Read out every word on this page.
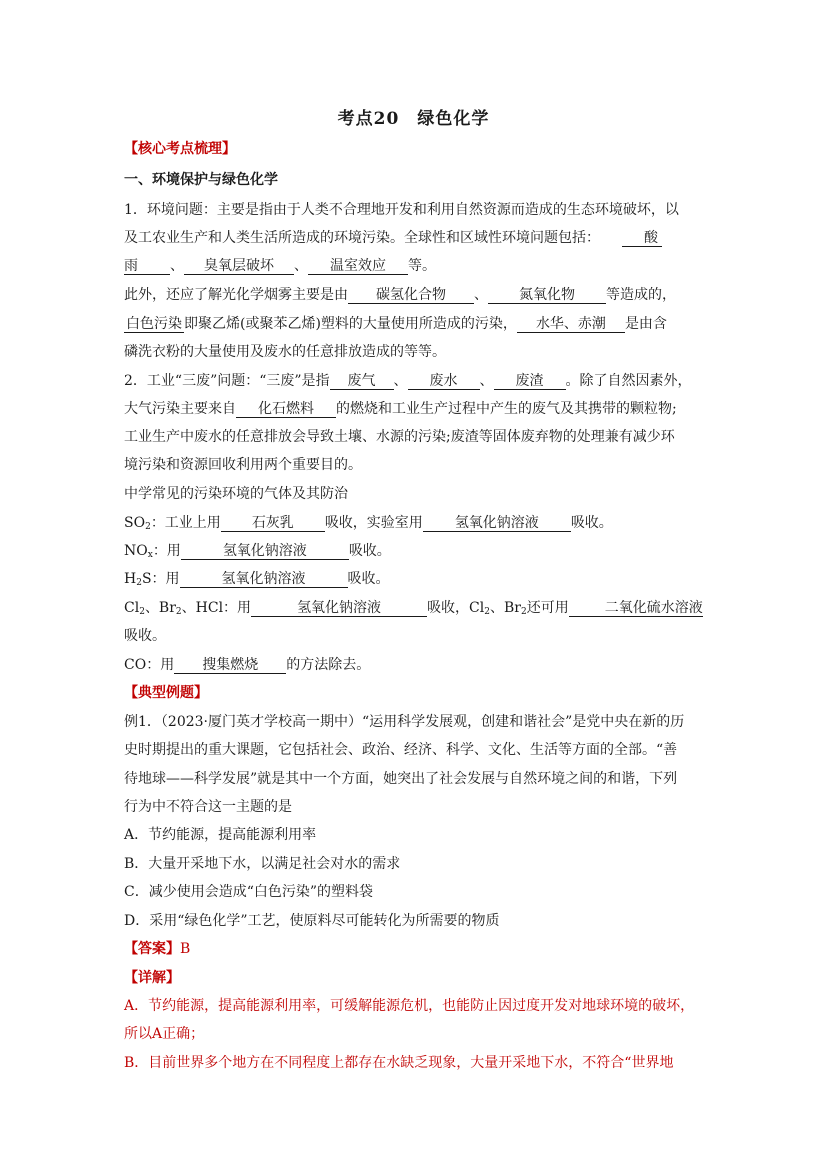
考点20　绿色化学
【核心考点梳理】
一、环境保护与绿色化学
1．环境问题：主要是指由于人类不合理地开发和利用自然资源而造成的生态环境破坏，以
及工农业生产和人类生活所造成的环境污染。全球性和区域性环境问题包括：	酸
雨 、 臭氧层破坏 、 温室效应 等。
此外，还应了解光化学烟雾主要是由 碳氢化合物 、 氮氧化物 等造成的，
白色污染 即聚乙烯(或聚苯乙烯)塑料的大量使用所造成的污染， 水华、赤潮 是由含
磷洗衣粉的大量使用及废水的任意排放造成的等等。
2．工业“三废”问题：“三废”是指 废气 、 废水 、 废渣 。除了自然因素外，
大气污染主要来自 化石燃料 的燃烧和工业生产过程中产生的废气及其携带的颗粒物;
工业生产中废水的任意排放会导致土壤、水源的污染;废渣等固体废弃物的处理兼有减少环
境污染和资源回收利用两个重要目的。
中学常见的污染环境的气体及其防治
$SO_2$：工业上用 石灰乳 吸收，实验室用 氢氧化钠溶液 吸收。
$NO_x$：用	氢氧化钠溶液	吸收。
$H_2S$：用	氢氧化钠溶液	吸收。
$Cl_2$、$Br_2$、HCl：用	氢氧化钠溶液	吸收，$Cl_2$、$Br_2$还可用	二氧化硫水溶液
吸收。
CO：用 搜集燃烧 的方法除去。
【典型例题】
例1．（2023·厦门英才学校高一期中）“运用科学发展观，创建和谐社会”是党中央在新的历
史时期提出的重大课题，它包括社会、政治、经济、科学、文化、生活等方面的全部。“善
待地球——科学发展”就是其中一个方面，她突出了社会发展与自然环境之间的和谐，下列
行为中不符合这一主题的是
A．节约能源，提高能源利用率
B．大量开采地下水，以满足社会对水的需求
C．减少使用会造成“白色污染”的塑料袋
D．采用“绿色化学”工艺，使原料尽可能转化为所需要的物质
【答案】B
【详解】
A．节约能源，提高能源利用率，可缓解能源危机，也能防止因过度开发对地球环境的破坏，
所以A正确；
B．目前世界多个地方在不同程度上都存在水缺乏现象，大量开采地下水，不符合“世界地
